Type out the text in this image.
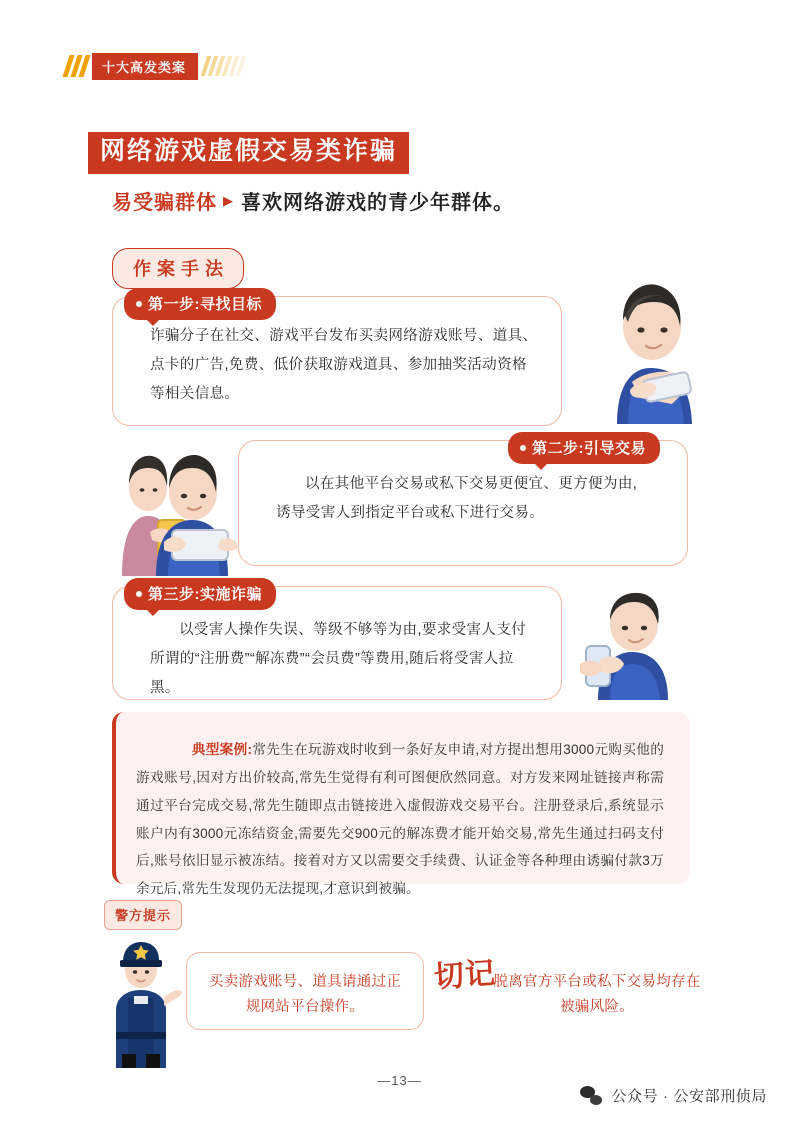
十大高发类案
网络游戏虚假交易类诈骗
易受骗群体 ▶ 喜欢网络游戏的青少年群体。
作案手法
第一步:寻找目标
诈骗分子在社交、游戏平台发布买卖网络游戏账号、道具、点卡的广告,免费、低价获取游戏道具、参加抽奖活动资格等相关信息。
第二步:引导交易
以在其他平台交易或私下交易更便宜、更方便为由,诱导受害人到指定平台或私下进行交易。
第三步:实施诈骗
以受害人操作失误、等级不够等为由,要求受害人支付所谓的“注册费”“解冻费”“会员费”等费用,随后将受害人拉黑。
典型案例:常先生在玩游戏时收到一条好友申请,对方提出想用3000元购买他的游戏账号,因对方出价较高,常先生觉得有利可图便欣然同意。对方发来网址链接声称需通过平台完成交易,常先生随即点击链接进入虚假游戏交易平台。注册登录后,系统显示账户内有3000元冻结资金,需要先交900元的解冻费才能开始交易,常先生通过扫码支付后,账号依旧显示被冻结。接着对方又以需要交手续费、认证金等各种理由诱骗付款3万余元后,常先生发现仍无法提现,才意识到被骗。
警方提示
买卖游戏账号、道具请通过正规网站平台操作。
切记
脱离官方平台或私下交易均存在被骗风险。
—13—
公众号 · 公安部刑侦局
